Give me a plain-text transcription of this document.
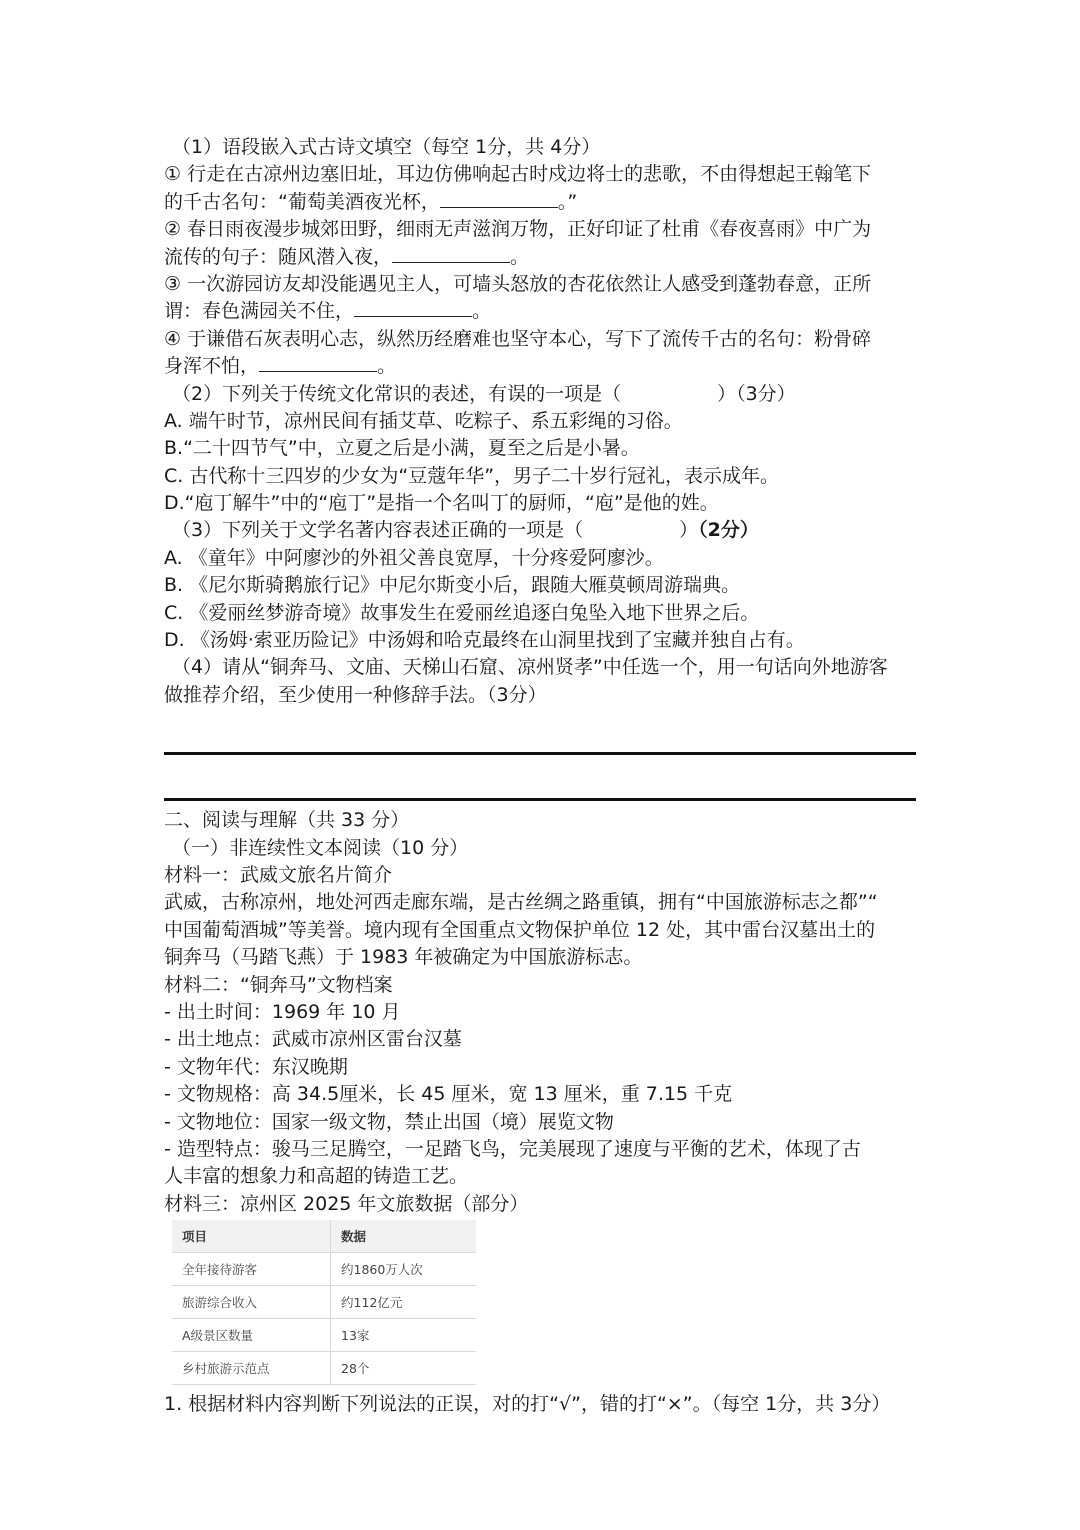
（1）语段嵌入式古诗文填空（每空 1分，共 4分）
① 行走在古凉州边塞旧址，耳边仿佛响起古时戍边将士的悲歌，不由得想起王翰笔下
的千古名句：“葡萄美酒夜光杯，	。”
② 春日雨夜漫步城郊田野，细雨无声滋润万物，正好印证了杜甫《春夜喜雨》中广为
流传的句子：随风潜入夜，	。
③ 一次游园访友却没能遇见主人，可墙头怒放的杏花依然让人感受到蓬勃春意，正所
谓：春色满园关不住，	。
④ 于谦借石灰表明心志，纵然历经磨难也坚守本心，写下了流传千古的名句：粉骨碎
身浑不怕，	。
（2）下列关于传统文化常识的表述，有误的一项是（	）（3分）
A. 端午时节，凉州民间有插艾草、吃粽子、系五彩绳的习俗。
B.“二十四节气”中，立夏之后是小满，夏至之后是小暑。
C. 古代称十三四岁的少女为“豆蔻年华”，男子二十岁行冠礼，表示成年。
D.“庖丁解牛”中的“庖丁”是指一个名叫丁的厨师，“庖”是他的姓。
（3）下列关于文学名著内容表述正确的一项是（	）（2分）
A. 《童年》中阿廖沙的外祖父善良宽厚，十分疼爱阿廖沙。
B. 《尼尔斯骑鹅旅行记》中尼尔斯变小后，跟随大雁莫顿周游瑞典。
C. 《爱丽丝梦游奇境》故事发生在爱丽丝追逐白兔坠入地下世界之后。
D. 《汤姆·索亚历险记》中汤姆和哈克最终在山洞里找到了宝藏并独自占有。
（4）请从“铜奔马、文庙、天梯山石窟、凉州贤孝”中任选一个，用一句话向外地游客
做推荐介绍，至少使用一种修辞手法。（3分）
二、阅读与理解（共 33 分）
（一）非连续性文本阅读（10 分）
材料一：武威文旅名片简介
武威，古称凉州，地处河西走廊东端，是古丝绸之路重镇，拥有“中国旅游标志之都”“
中国葡萄酒城”等美誉。境内现有全国重点文物保护单位 12 处，其中雷台汉墓出土的
铜奔马（马踏飞燕）于 1983 年被确定为中国旅游标志。
材料二：“铜奔马”文物档案
- 出土时间：1969 年 10 月
- 出土地点：武威市凉州区雷台汉墓
- 文物年代：东汉晚期
- 文物规格：高 34.5厘米，长 45 厘米，宽 13 厘米，重 7.15 千克
- 文物地位：国家一级文物，禁止出国（境）展览文物
- 造型特点：骏马三足腾空，一足踏飞鸟，完美展现了速度与平衡的艺术，体现了古
人丰富的想象力和高超的铸造工艺。
材料三：凉州区 2025 年文旅数据（部分）
项目	数据
全年接待游客	约1860万人次
旅游综合收入	约112亿元
A级景区数量	13家
乡村旅游示范点	28个
1. 根据材料内容判断下列说法的正误，对的打“√”，错的打“×”。（每空 1分，共 3分）
